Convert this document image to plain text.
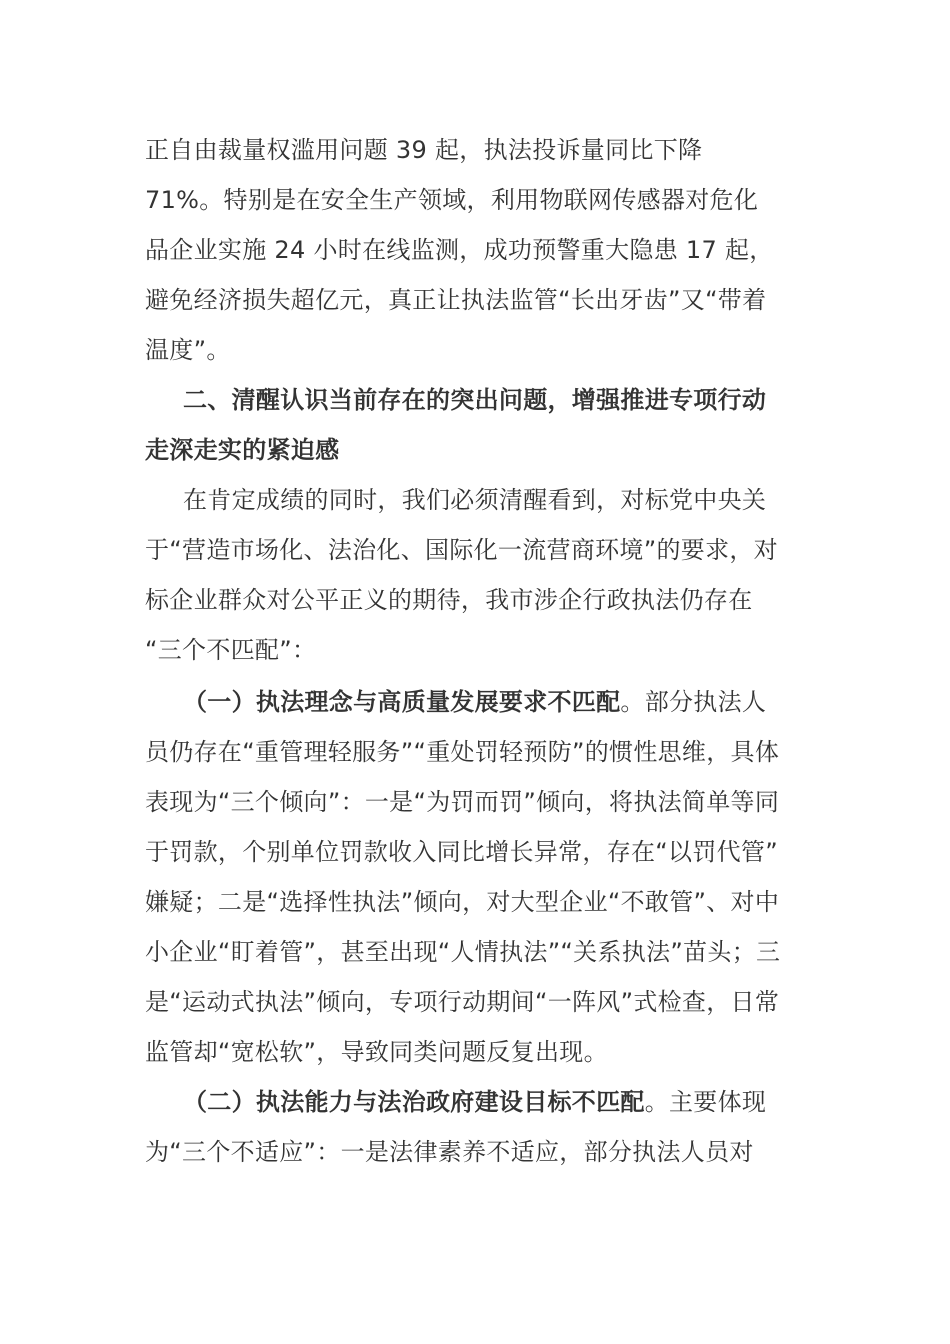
正自由裁量权滥用问题 39 起，执法投诉量同比下降
71%。特别是在安全生产领域，利用物联网传感器对危化
品企业实施 24 小时在线监测，成功预警重大隐患 17 起，
避免经济损失超亿元，真正让执法监管“长出牙齿”又“带着
温度”。
二、清醒认识当前存在的突出问题，增强推进专项行动
走深走实的紧迫感
在肯定成绩的同时，我们必须清醒看到，对标党中央关
于“营造市场化、法治化、国际化一流营商环境”的要求，对
标企业群众对公平正义的期待，我市涉企行政执法仍存在
“三个不匹配”：
（一）执法理念与高质量发展要求不匹配。部分执法人
员仍存在“重管理轻服务”“重处罚轻预防”的惯性思维，具体
表现为“三个倾向”：一是“为罚而罚”倾向，将执法简单等同
于罚款，个别单位罚款收入同比增长异常，存在“以罚代管”
嫌疑；二是“选择性执法”倾向，对大型企业“不敢管”、对中
小企业“盯着管”，甚至出现“人情执法”“关系执法”苗头；三
是“运动式执法”倾向，专项行动期间“一阵风”式检查，日常
监管却“宽松软”，导致同类问题反复出现。
（二）执法能力与法治政府建设目标不匹配。主要体现
为“三个不适应”：一是法律素养不适应，部分执法人员对
